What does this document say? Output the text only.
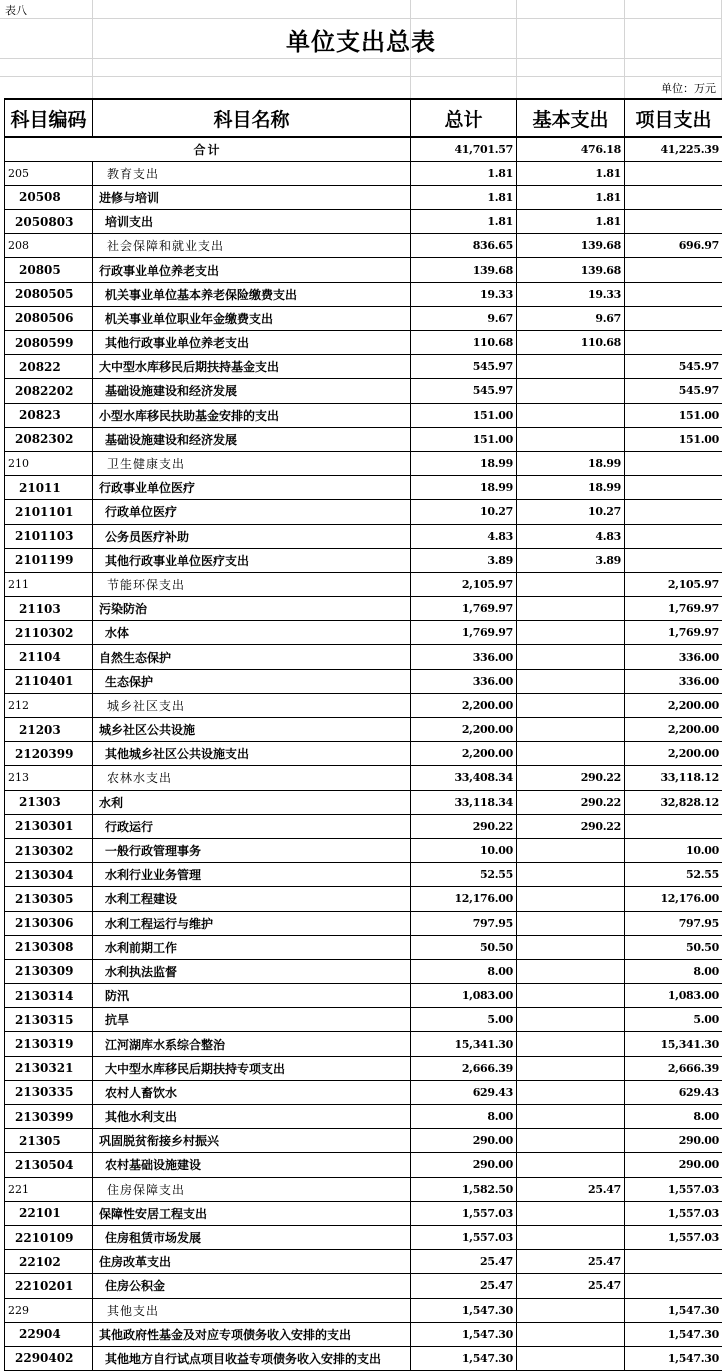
表八
单位支出总表
单位：万元
科目编码	科目名称	总计	基本支出	项目支出
合计		41,701.57	476.18	41,225.39
205	教育支出	1.81	1.81	
20508	进修与培训	1.81	1.81	
2050803	培训支出	1.81	1.81	
208	社会保障和就业支出	836.65	139.68	696.97
20805	行政事业单位养老支出	139.68	139.68	
2080505	机关事业单位基本养老保险缴费支出	19.33	19.33	
2080506	机关事业单位职业年金缴费支出	9.67	9.67	
2080599	其他行政事业单位养老支出	110.68	110.68	
20822	大中型水库移民后期扶持基金支出	545.97		545.97
2082202	基础设施建设和经济发展	545.97		545.97
20823	小型水库移民扶助基金安排的支出	151.00		151.00
2082302	基础设施建设和经济发展	151.00		151.00
210	卫生健康支出	18.99	18.99	
21011	行政事业单位医疗	18.99	18.99	
2101101	行政单位医疗	10.27	10.27	
2101103	公务员医疗补助	4.83	4.83	
2101199	其他行政事业单位医疗支出	3.89	3.89	
211	节能环保支出	2,105.97		2,105.97
21103	污染防治	1,769.97		1,769.97
2110302	水体	1,769.97		1,769.97
21104	自然生态保护	336.00		336.00
2110401	生态保护	336.00		336.00
212	城乡社区支出	2,200.00		2,200.00
21203	城乡社区公共设施	2,200.00		2,200.00
2120399	其他城乡社区公共设施支出	2,200.00		2,200.00
213	农林水支出	33,408.34	290.22	33,118.12
21303	水利	33,118.34	290.22	32,828.12
2130301	行政运行	290.22	290.22	
2130302	一般行政管理事务	10.00		10.00
2130304	水利行业业务管理	52.55		52.55
2130305	水利工程建设	12,176.00		12,176.00
2130306	水利工程运行与维护	797.95		797.95
2130308	水利前期工作	50.50		50.50
2130309	水利执法监督	8.00		8.00
2130314	防汛	1,083.00		1,083.00
2130315	抗旱	5.00		5.00
2130319	江河湖库水系综合整治	15,341.30		15,341.30
2130321	大中型水库移民后期扶持专项支出	2,666.39		2,666.39
2130335	农村人畜饮水	629.43		629.43
2130399	其他水利支出	8.00		8.00
21305	巩固脱贫衔接乡村振兴	290.00		290.00
2130504	农村基础设施建设	290.00		290.00
221	住房保障支出	1,582.50	25.47	1,557.03
22101	保障性安居工程支出	1,557.03		1,557.03
2210109	住房租赁市场发展	1,557.03		1,557.03
22102	住房改革支出	25.47	25.47	
2210201	住房公积金	25.47	25.47	
229	其他支出	1,547.30		1,547.30
22904	其他政府性基金及对应专项债务收入安排的支出	1,547.30		1,547.30
2290402	其他地方自行试点项目收益专项债务收入安排的支出	1,547.30		1,547.30
